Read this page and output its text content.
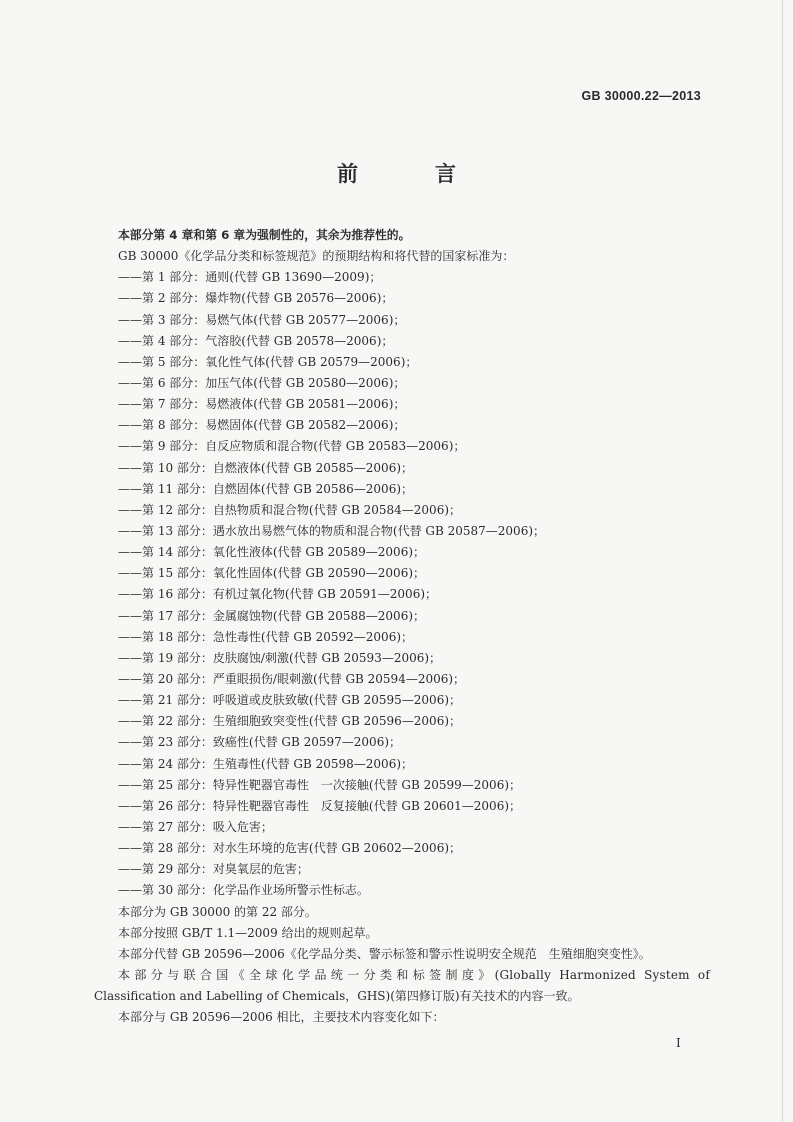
GB 30000.22—2013
前　言
本部分第 4 章和第 6 章为强制性的，其余为推荐性的。
GB 30000《化学品分类和标签规范》的预期结构和将代替的国家标准为：
——第 1 部分：通则(代替 GB 13690—2009)；
——第 2 部分：爆炸物(代替 GB 20576—2006)；
——第 3 部分：易燃气体(代替 GB 20577—2006)；
——第 4 部分：气溶胶(代替 GB 20578—2006)；
——第 5 部分：氧化性气体(代替 GB 20579—2006)；
——第 6 部分：加压气体(代替 GB 20580—2006)；
——第 7 部分：易燃液体(代替 GB 20581—2006)；
——第 8 部分：易燃固体(代替 GB 20582—2006)；
——第 9 部分：自反应物质和混合物(代替 GB 20583—2006)；
——第 10 部分：自燃液体(代替 GB 20585—2006)；
——第 11 部分：自燃固体(代替 GB 20586—2006)；
——第 12 部分：自热物质和混合物(代替 GB 20584—2006)；
——第 13 部分：遇水放出易燃气体的物质和混合物(代替 GB 20587—2006)；
——第 14 部分：氧化性液体(代替 GB 20589—2006)；
——第 15 部分：氧化性固体(代替 GB 20590—2006)；
——第 16 部分：有机过氧化物(代替 GB 20591—2006)；
——第 17 部分：金属腐蚀物(代替 GB 20588—2006)；
——第 18 部分：急性毒性(代替 GB 20592—2006)；
——第 19 部分：皮肤腐蚀/刺激(代替 GB 20593—2006)；
——第 20 部分：严重眼损伤/眼刺激(代替 GB 20594—2006)；
——第 21 部分：呼吸道或皮肤致敏(代替 GB 20595—2006)；
——第 22 部分：生殖细胞致突变性(代替 GB 20596—2006)；
——第 23 部分：致癌性(代替 GB 20597—2006)；
——第 24 部分：生殖毒性(代替 GB 20598—2006)；
——第 25 部分：特异性靶器官毒性　一次接触(代替 GB 20599—2006)；
——第 26 部分：特异性靶器官毒性　反复接触(代替 GB 20601—2006)；
——第 27 部分：吸入危害；
——第 28 部分：对水生环境的危害(代替 GB 20602—2006)；
——第 29 部分：对臭氧层的危害；
——第 30 部分：化学品作业场所警示性标志。
本部分为 GB 30000 的第 22 部分。
本部分按照 GB/T 1.1—2009 给出的规则起草。
本部分代替 GB 20596—2006《化学品分类、警示标签和警示性说明安全规范　生殖细胞突变性》。
本部分与联合国《全球化学品统一分类和标签制度》(Globally Harmonized System of
Classification and Labelling of Chemicals，GHS)(第四修订版)有关技术的内容一致。
本部分与 GB 20596—2006 相比，主要技术内容变化如下：
I
